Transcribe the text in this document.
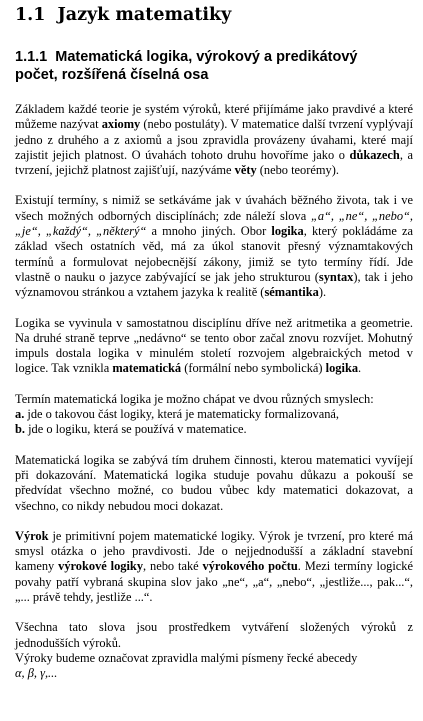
1.1 Jazyk matematiky
1.1.1 Matematická logika, výrokový a predikátový
počet, rozšířená číselná osa

Základem každé teorie je systém výroků, které přijímáme jako pravdivé a které můžeme nazývat axiomy (nebo postuláty). V matematice další tvrzení vyplývají jedno z druhého a z axiomů a jsou zpravidla provázeny úvahami, které mají zajistit jejich platnost. O úvahách tohoto druhu hovoříme jako o důkazech, a tvrzení, jejichž platnost zajišťují, nazýváme věty (nebo teorémy).

Existují termíny, s nimiž se setkáváme jak v úvahách běžného života, tak i ve všech možných odborných disciplínách; zde náleží slova „a“, „ne“, „nebo“, „je“, „každý“, „některý“ a mnoho jiných. Obor logika, který pokládáme za základ všech ostatních věd, má za úkol stanovit přesný významtakových termínů a formulovat nejobecnější zákony, jimiž se tyto termíny řídí. Jde vlastně o nauku o jazyce zabývající se jak jeho strukturou (syntax), tak i jeho významovou stránkou a vztahem jazyka k realitě (sémantika).

Logika se vyvinula v samostatnou disciplínu dříve než aritmetika a geometrie. Na druhé straně teprve „nedávno“ se tento obor začal znovu rozvíjet. Mohutný impuls dostala logika v minulém století rozvojem algebraických metod v logice. Tak vznikla matematická (formální nebo symbolická) logika.

Termín matematická logika je možno chápat ve dvou různých smyslech:
a. jde o takovou část logiky, která je matematicky formalizovaná,
b. jde o logiku, která se používá v matematice.

Matematická logika se zabývá tím druhem činnosti, kterou matematici vyvíjejí při dokazování. Matematická logika studuje povahu důkazu a pokouší se předvídat všechno možné, co budou vůbec kdy matematici dokazovat, a všechno, co nikdy nebudou moci dokazat.

Výrok je primitivní pojem matematické logiky. Výrok je tvrzení, pro které má smysl otázka o jeho pravdivosti. Jde o nejjednodušší a základní stavební kameny výrokové logiky, nebo také výrokového počtu. Mezi termíny logické povahy patří vybraná skupina slov jako „ne“, „a“, „nebo“, „jestliže..., pak...“, „... právě tehdy, jestliže ...“.

Všechna tato slova jsou prostředkem vytváření složených výroků z jednodušších výroků.
Výroky budeme označovat zpravidla malými písmeny řecké abecedy
α, β, γ,...
